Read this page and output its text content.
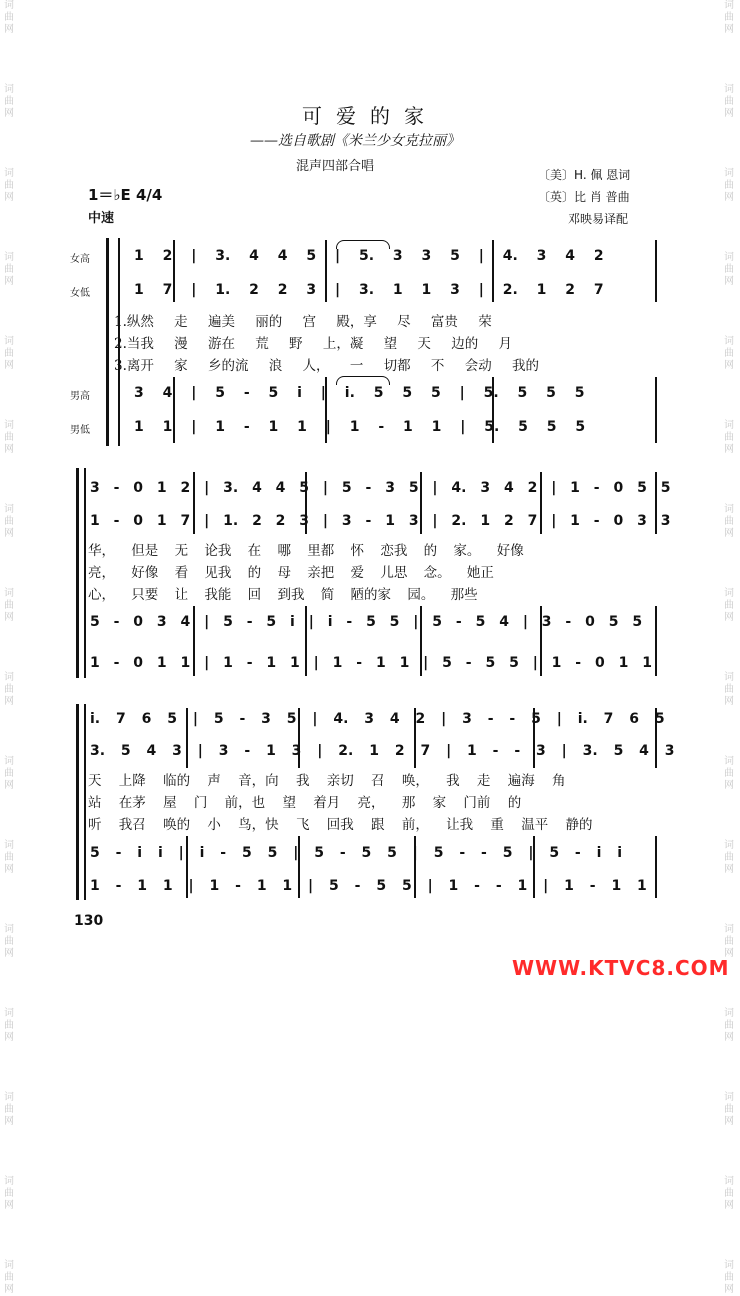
词曲网
词曲网
词曲网
词曲网
词曲网
词曲网
词曲网
词曲网
词曲网
词曲网
词曲网
词曲网
词曲网
词曲网
词曲网
词曲网
词曲网
词曲网
词曲网
词曲网
词曲网
词曲网
词曲网
词曲网
词曲网
词曲网
词曲网
词曲网
词曲网
词曲网
词曲网
词曲网
可爱的家
——选自歌剧《米兰少女克拉丽》
混声四部合唱
〔美〕H. 佩 恩词
〔英〕比 肖 普曲
邓映易译配
1＝♭E 4/4
中速
女高
女低
男高
男低
1 2 | 3. 4 4 5 | 5. 3 3 5 | 4. 3 4 2
1 7 | 1. 2 2 3 | 3. 1 1 3 | 2. 1 2 7
1.纵然 走 遍美 丽的 宫 殿，享 尽 富贵 荣
2.当我 漫 游在 荒 野 上，凝 望 天 边的 月
3.离开 家 乡的流 浪 人， 一 切都 不 会动 我的
3 4 | 5 - 5 i | i. 5 5 5 | 5. 5 5 5
1 1 | 1 - 1 1 | 1 - 1 1 | 5. 5 5 5
3 - 0 1 2 | 3. 4 4 5 | 5 - 3 5 | 4. 3 4 2 | 1 - 0 5 5
1 - 0 1 7 | 1. 2 2 3 | 3 - 1 3 | 2. 1 2 7 | 1 - 0 3 3
华， 但是 无 论我 在 哪 里都 怀 恋我 的 家。 好像
亮， 好像 看 见我 的 母 亲把 爱 儿思 念。 她正
心， 只要 让 我能 回 到我 简 陋的家 园。 那些
5 - 0 3 4 | 5 - 5 i | i - 5 5 | 5 - 5 4 | 3 - 0 5 5
1 - 0 1 1 | 1 - 1 1 | 1 - 1 1 | 5 - 5 5 | 1 - 0 1 1
i. 7 6 5 | 5 - 3 5 | 4. 3 4 2 | 3 - - 5 | i. 7 6 5
3. 5 4 3 | 3 - 1 3 | 2. 1 2 7 | 1 - - 3 | 3. 5 4 3
天 上降 临的 声 音，向 我 亲切 召 唤， 我 走 遍海 角
站 在茅 屋 门 前，也 望 着月 亮， 那 家 门前 的
听 我召 唤的 小 鸟，快 飞 回我 跟 前， 让我 重 温平 静的
5 - i i | i - 5 5 | 5 - 5 5 | 5 - - 5 | 5 - i i
1 - 1 1 | 1 - 1 1 | 5 - 5 5 | 1 - - 1 | 1 - 1 1
130
WWW.KTVC8.COM
